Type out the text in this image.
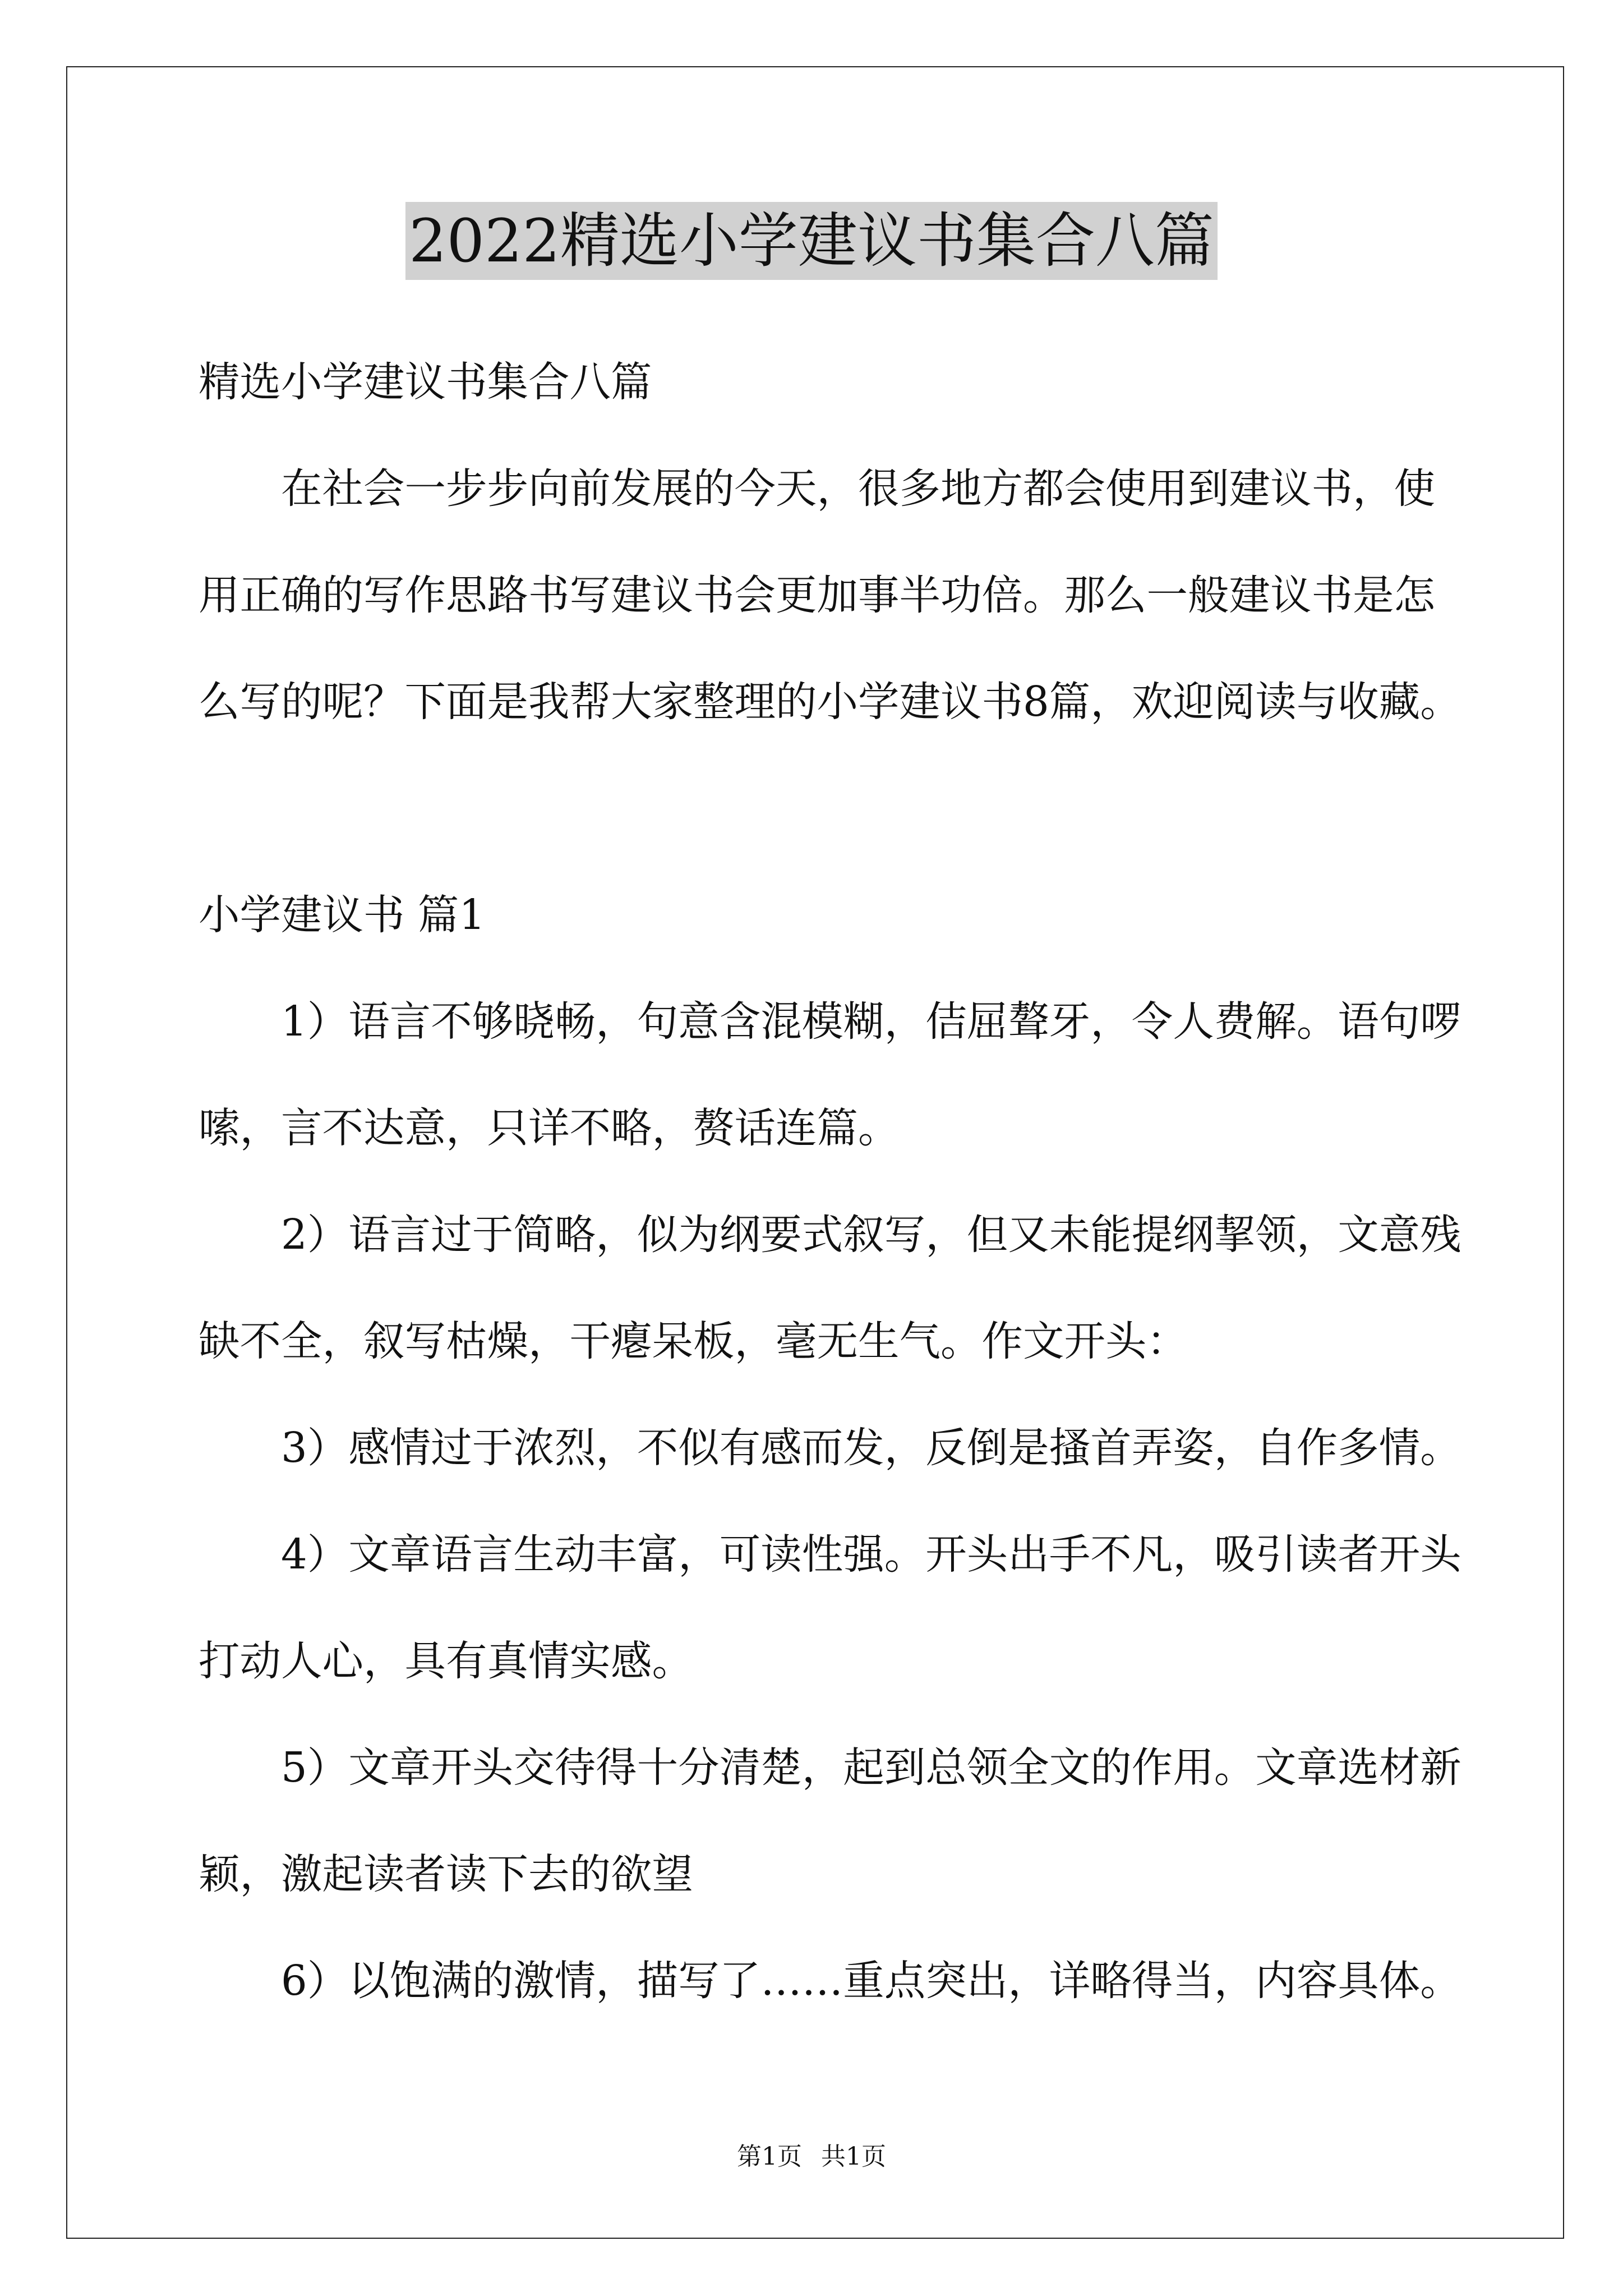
2022精选小学建议书集合八篇
精选小学建议书集合八篇
在社会一步步向前发展的今天，很多地方都会使用到建议书，使
用正确的写作思路书写建议书会更加事半功倍。那么一般建议书是怎
么写的呢？下面是我帮大家整理的小学建议书8篇，欢迎阅读与收藏。
小学建议书 篇1
1）语言不够晓畅，句意含混模糊，佶屈聱牙，令人费解。语句啰
嗦，言不达意，只详不略，赘话连篇。
2）语言过于简略，似为纲要式叙写，但又未能提纲挈领，文意残
缺不全，叙写枯燥，干瘪呆板，毫无生气。作文开头：
3）感情过于浓烈，不似有感而发，反倒是搔首弄姿，自作多情。
4）文章语言生动丰富，可读性强。开头出手不凡，吸引读者开头
打动人心，具有真情实感。
5）文章开头交待得十分清楚，起到总领全文的作用。文章选材新
颖，激起读者读下去的欲望
6）以饱满的激情，描写了……重点突出，详略得当，内容具体。
第1页 共1页
